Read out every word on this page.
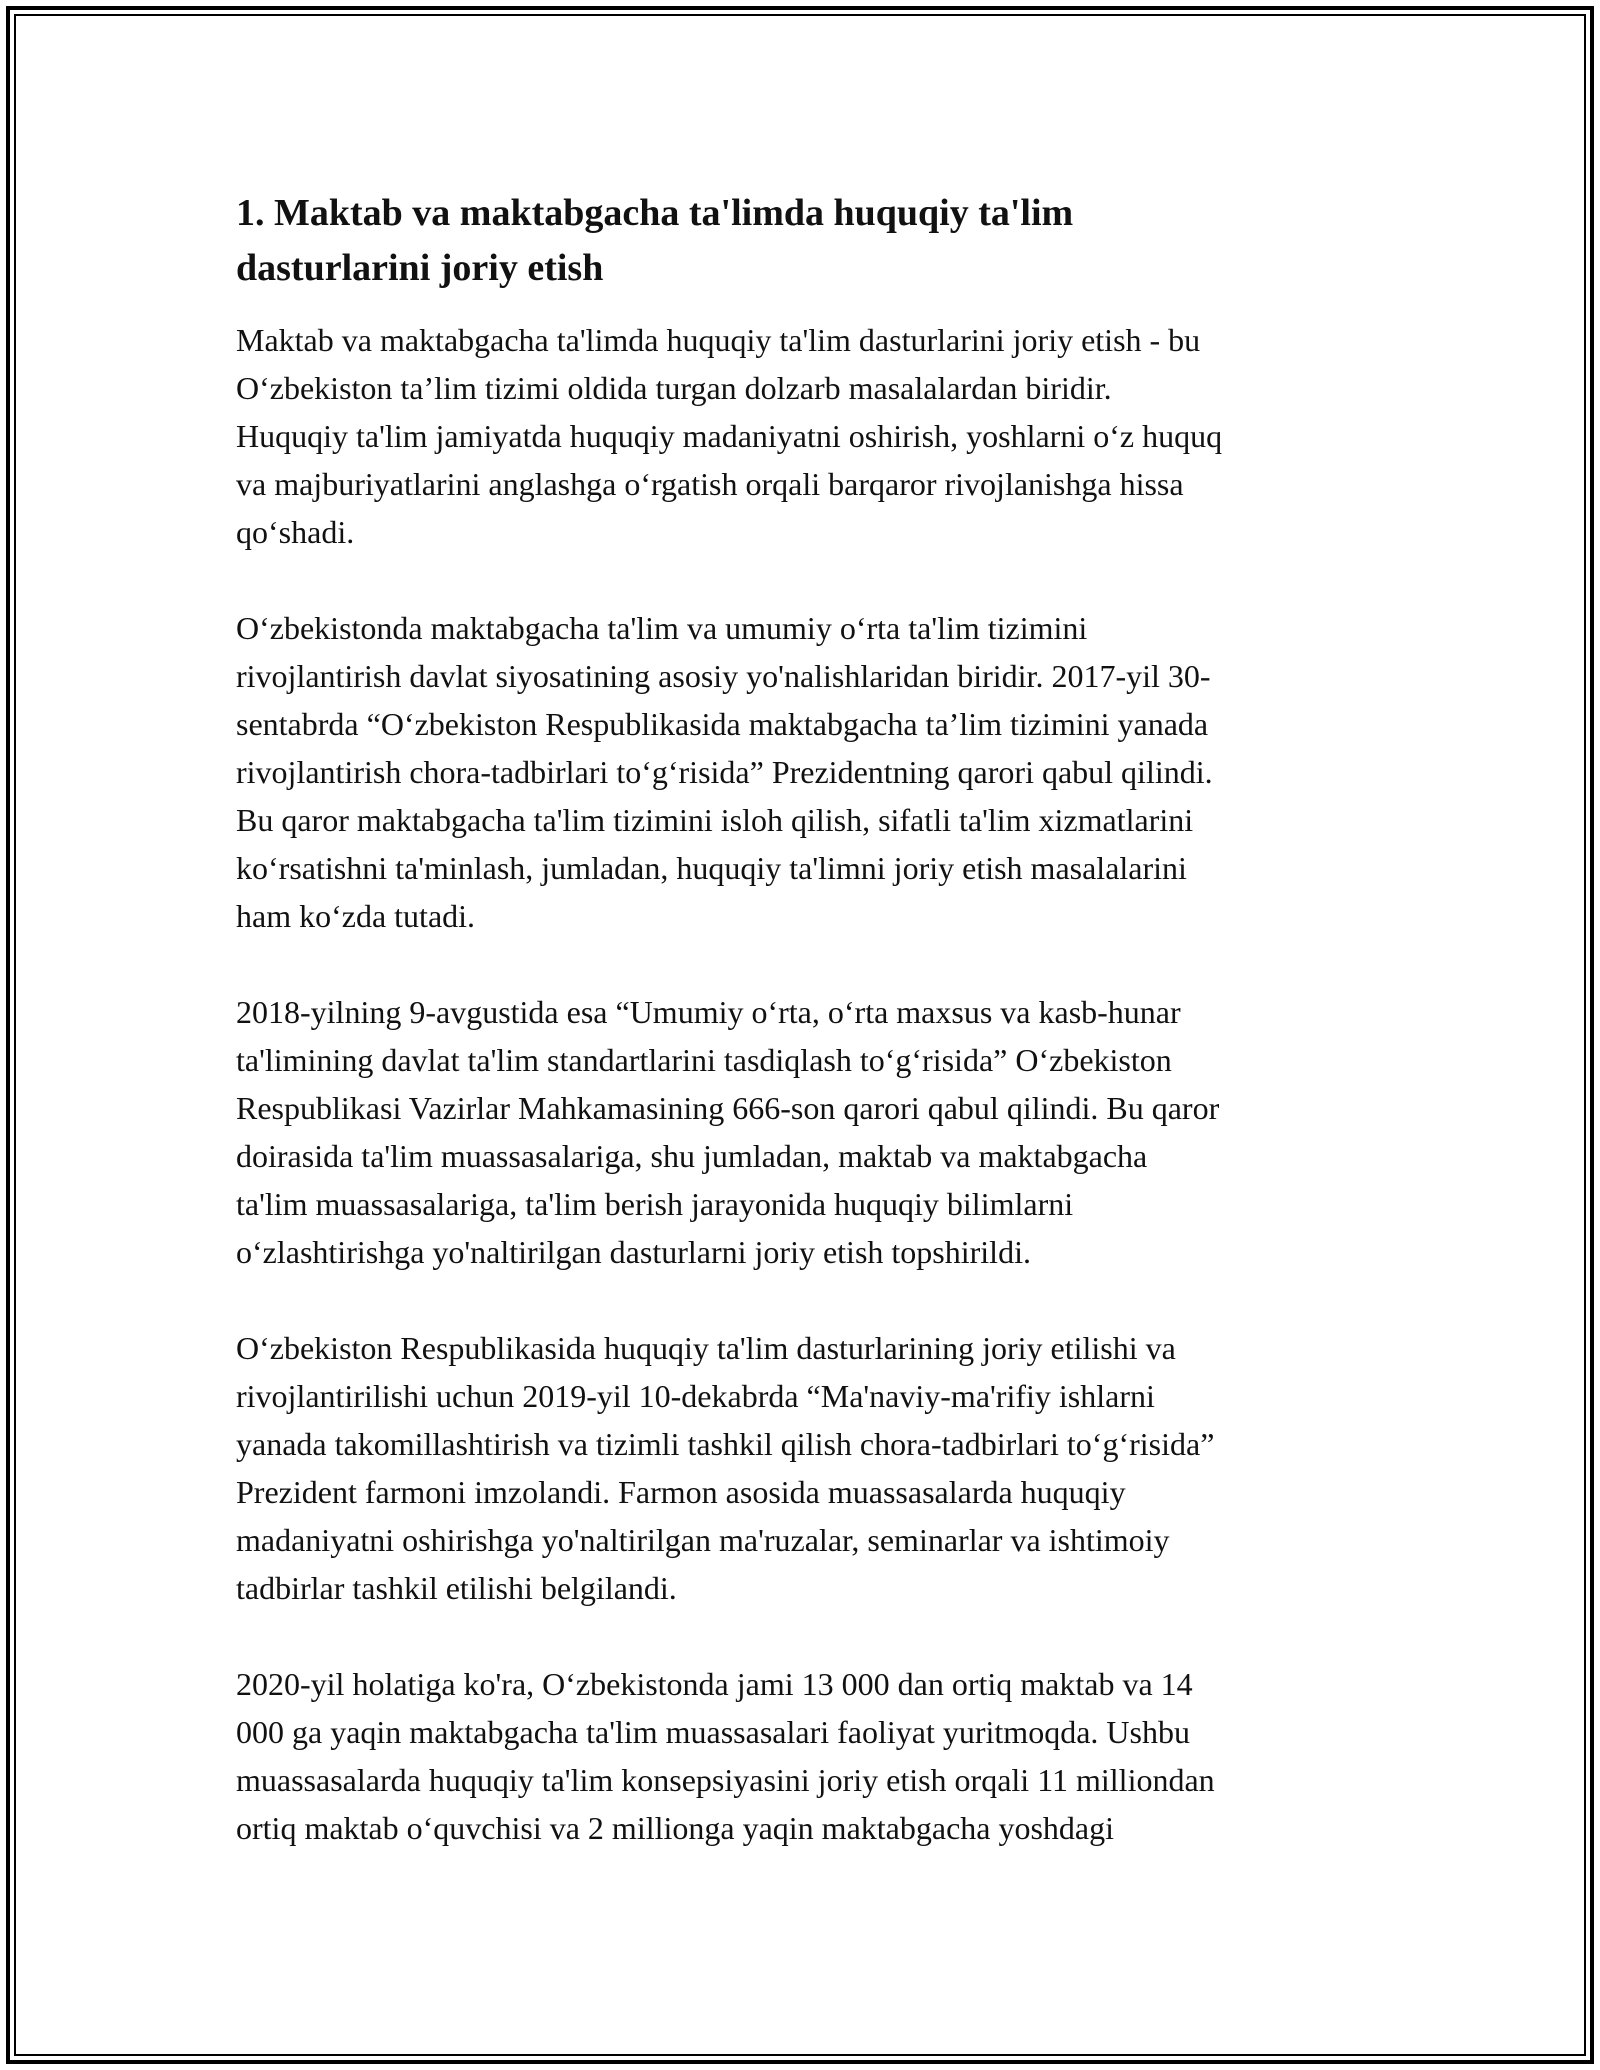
1. Maktab va maktabgacha ta'limda huquqiy ta'lim
dasturlarini joriy etish

Maktab va maktabgacha ta'limda huquqiy ta'lim dasturlarini joriy etish - bu
O‘zbekiston ta’lim tizimi oldida turgan dolzarb masalalardan biridir.
Huquqiy ta'lim jamiyatda huquqiy madaniyatni oshirish, yoshlarni o‘z huquq
va majburiyatlarini anglashga o‘rgatish orqali barqaror rivojlanishga hissa
qo‘shadi.

O‘zbekistonda maktabgacha ta'lim va umumiy o‘rta ta'lim tizimini
rivojlantirish davlat siyosatining asosiy yo'nalishlaridan biridir. 2017-yil 30-
sentabrda “O‘zbekiston Respublikasida maktabgacha ta’lim tizimini yanada
rivojlantirish chora-tadbirlari to‘g‘risida” Prezidentning qarori qabul qilindi.
Bu qaror maktabgacha ta'lim tizimini isloh qilish, sifatli ta'lim xizmatlarini
ko‘rsatishni ta'minlash, jumladan, huquqiy ta'limni joriy etish masalalarini
ham ko‘zda tutadi.

2018-yilning 9-avgustida esa “Umumiy o‘rta, o‘rta maxsus va kasb-hunar
ta'limining davlat ta'lim standartlarini tasdiqlash to‘g‘risida” O‘zbekiston
Respublikasi Vazirlar Mahkamasining 666-son qarori qabul qilindi. Bu qaror
doirasida ta'lim muassasalariga, shu jumladan, maktab va maktabgacha
ta'lim muassasalariga, ta'lim berish jarayonida huquqiy bilimlarni
o‘zlashtirishga yo'naltirilgan dasturlarni joriy etish topshirildi.

O‘zbekiston Respublikasida huquqiy ta'lim dasturlarining joriy etilishi va
rivojlantirilishi uchun 2019-yil 10-dekabrda “Ma'naviy-ma'rifiy ishlarni
yanada takomillashtirish va tizimli tashkil qilish chora-tadbirlari to‘g‘risida”
Prezident farmoni imzolandi. Farmon asosida muassasalarda huquqiy
madaniyatni oshirishga yo'naltirilgan ma'ruzalar, seminarlar va ishtimoiy
tadbirlar tashkil etilishi belgilandi.

2020-yil holatiga ko'ra, O‘zbekistonda jami 13 000 dan ortiq maktab va 14
000 ga yaqin maktabgacha ta'lim muassasalari faoliyat yuritmoqda. Ushbu
muassasalarda huquqiy ta'lim konsepsiyasini joriy etish orqali 11 milliondan
ortiq maktab o‘quvchisi va 2 millionga yaqin maktabgacha yoshdagi
